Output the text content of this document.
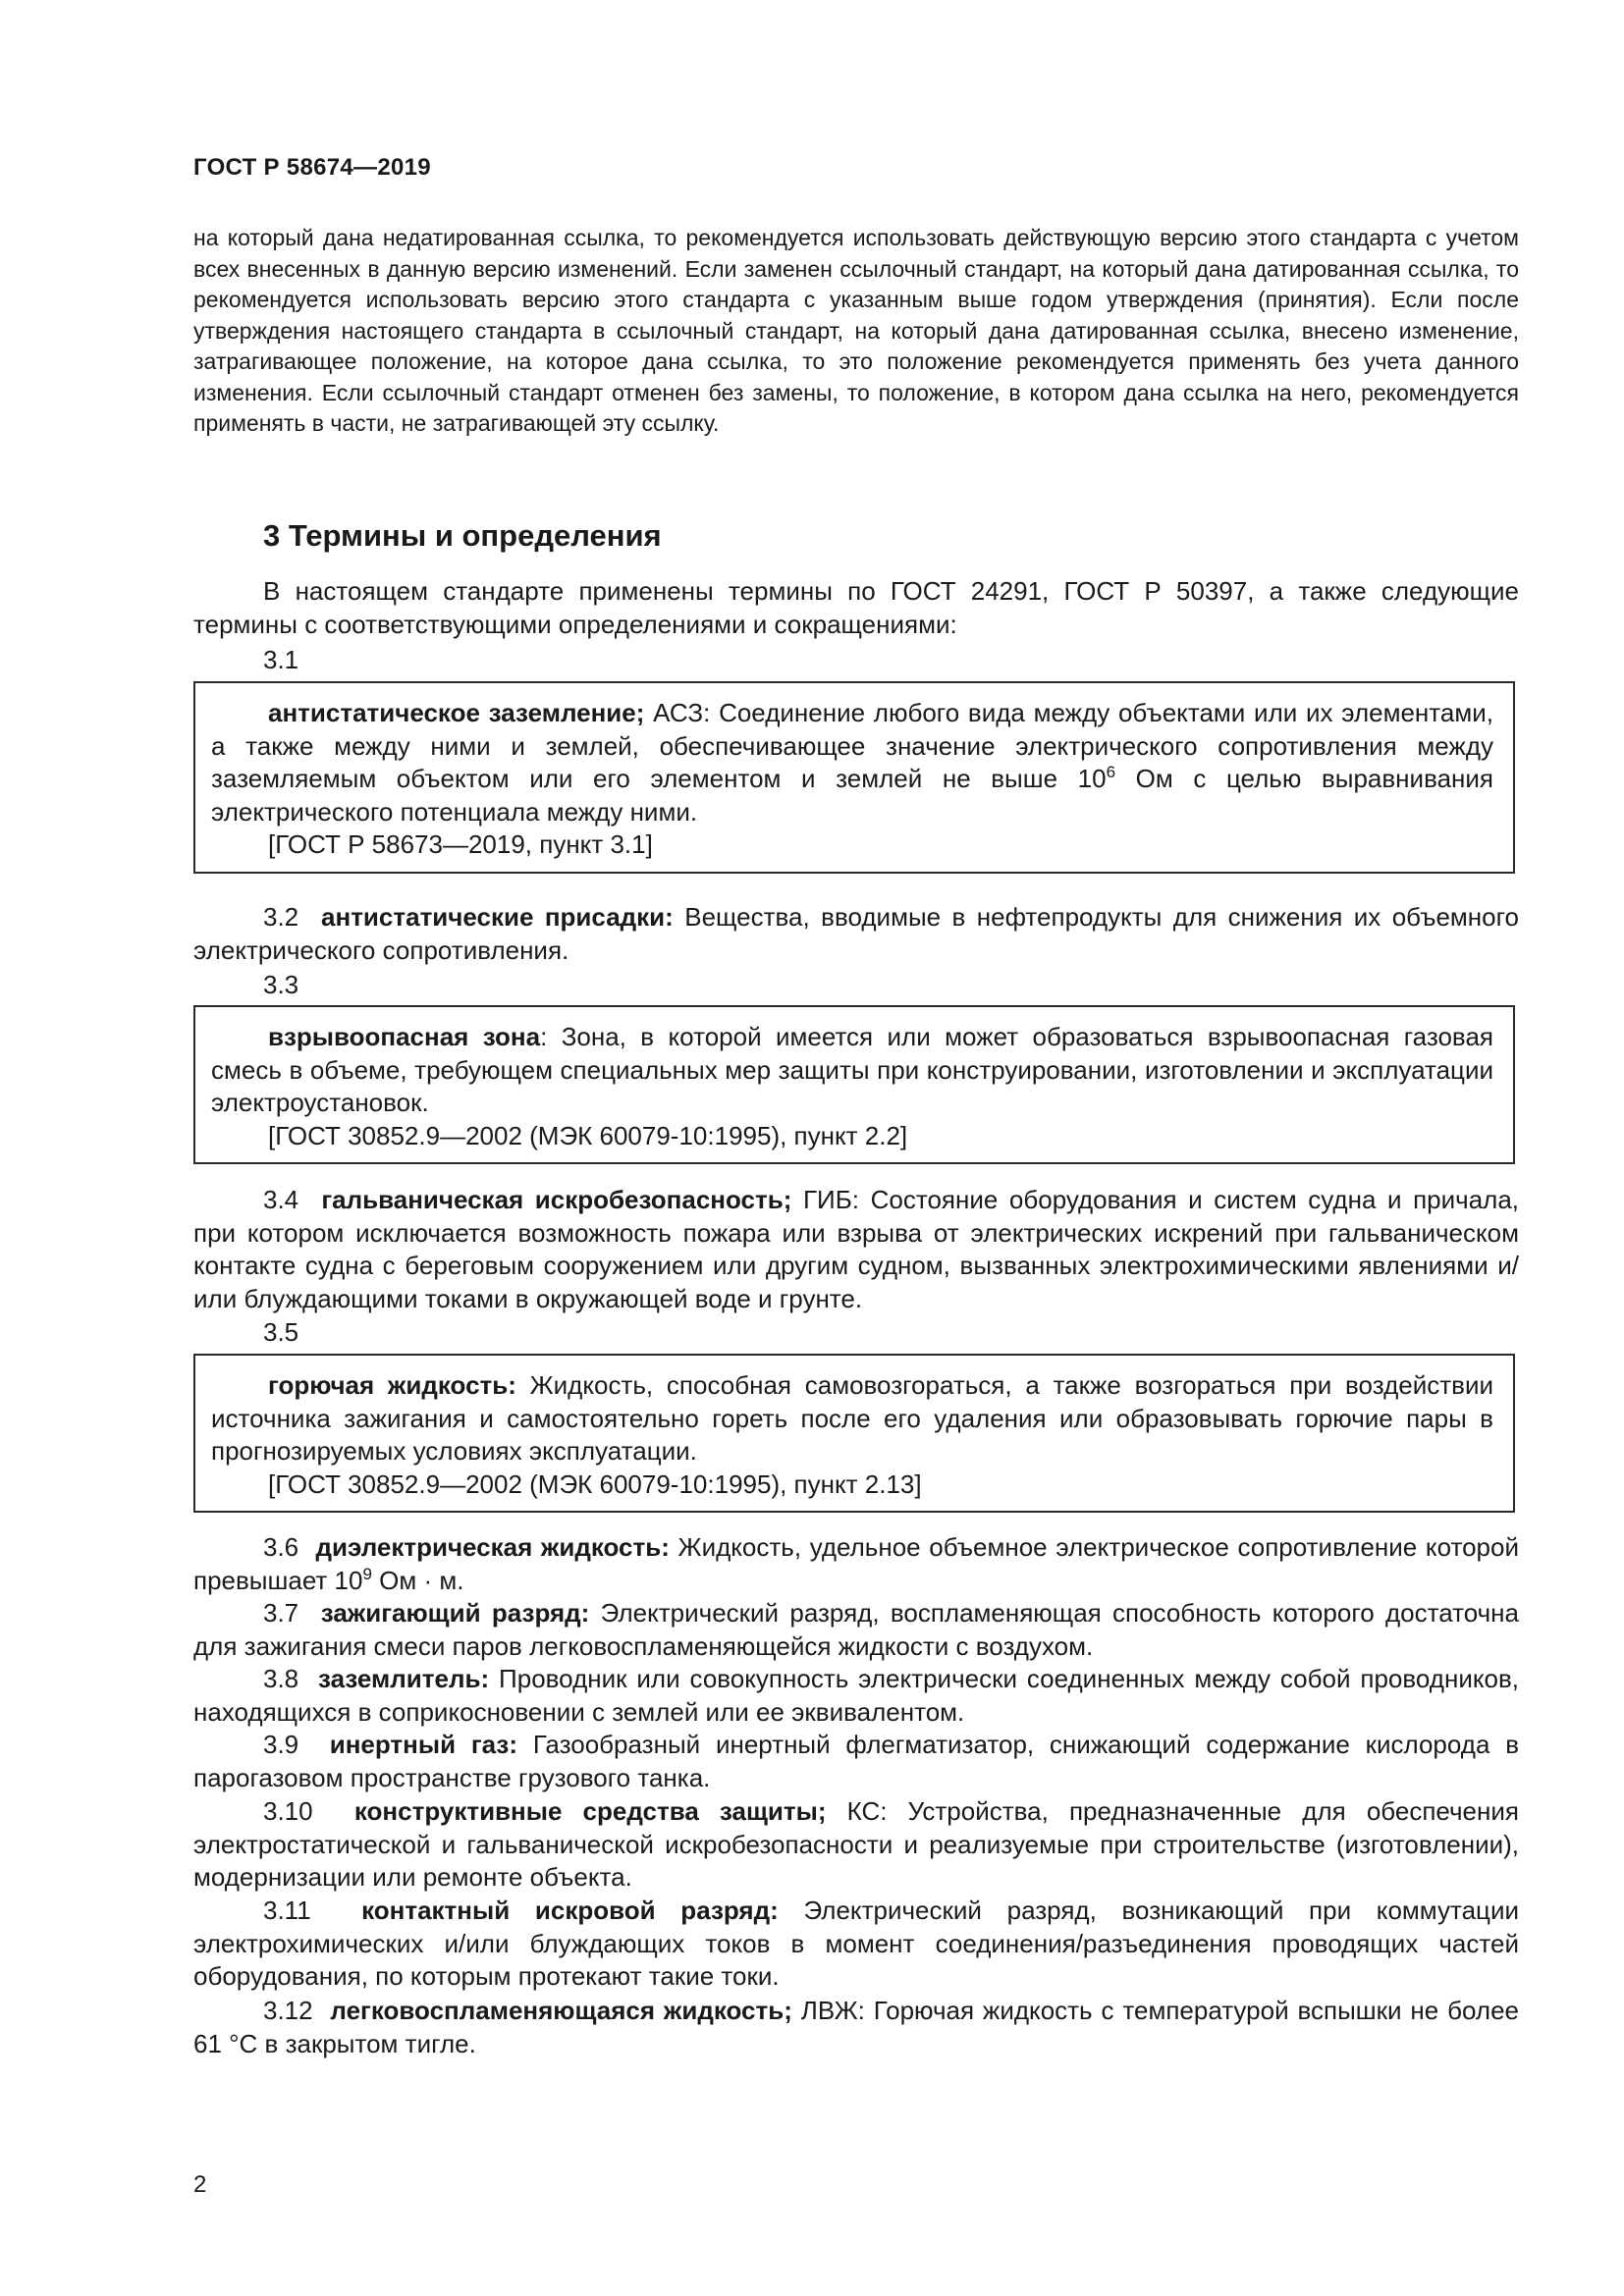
ГОСТ Р 58674—2019
на который дана недатированная ссылка, то рекомендуется использовать действующую версию этого стандарта с учетом всех внесенных в данную версию изменений. Если заменен ссылочный стандарт, на который дана датированная ссылка, то рекомендуется использовать версию этого стандарта с указанным выше годом утверждения (принятия). Если после утверждения настоящего стандарта в ссылочный стандарт, на который дана датированная ссылка, внесено изменение, затрагивающее положение, на которое дана ссылка, то это положение рекомендуется применять без учета данного изменения. Если ссылочный стандарт отменен без замены, то положение, в котором дана ссылка на него, рекомендуется применять в части, не затрагивающей эту ссылку.
3 Термины и определения
В настоящем стандарте применены термины по ГОСТ 24291, ГОСТ Р 50397, а также следующие термины с соответствующими определениями и сокращениями:
3.1
антистатическое заземление; АСЗ: Соединение любого вида между объектами или их элементами, а также между ними и землей, обеспечивающее значение электрического сопротивления между заземляемым объектом или его элементом и землей не выше $10^6$ Ом с целью выравнивания электрического потенциала между ними.
[ГОСТ Р 58673—2019, пункт 3.1]
3.2 антистатические присадки: Вещества, вводимые в нефтепродукты для снижения их объемного электрического сопротивления.
3.3
взрывоопасная зона: Зона, в которой имеется или может образоваться взрывоопасная газовая смесь в объеме, требующем специальных мер защиты при конструировании, изготовлении и эксплуатации электроустановок.
[ГОСТ 30852.9—2002 (МЭК 60079-10:1995), пункт 2.2]
3.4 гальваническая искробезопасность; ГИБ: Состояние оборудования и систем судна и причала, при котором исключается возможность пожара или взрыва от электрических искрений при гальваническом контакте судна с береговым сооружением или другим судном, вызванных электрохимическими явлениями и/или блуждающими токами в окружающей воде и грунте.
3.5
горючая жидкость: Жидкость, способная самовозгораться, а также возгораться при воздействии источника зажигания и самостоятельно гореть после его удаления или образовывать горючие пары в прогнозируемых условиях эксплуатации.
[ГОСТ 30852.9—2002 (МЭК 60079-10:1995), пункт 2.13]
3.6 диэлектрическая жидкость: Жидкость, удельное объемное электрическое сопротивление которой превышает $10^9$ Ом · м.
3.7 зажигающий разряд: Электрический разряд, воспламеняющая способность которого достаточна для зажигания смеси паров легковоспламеняющейся жидкости с воздухом.
3.8 заземлитель: Проводник или совокупность электрически соединенных между собой проводников, находящихся в соприкосновении с землей или ее эквивалентом.
3.9 инертный газ: Газообразный инертный флегматизатор, снижающий содержание кислорода в парогазовом пространстве грузового танка.
3.10 конструктивные средства защиты; КС: Устройства, предназначенные для обеспечения электростатической и гальванической искробезопасности и реализуемые при строительстве (изготовлении), модернизации или ремонте объекта.
3.11 контактный искровой разряд: Электрический разряд, возникающий при коммутации электрохимических и/или блуждающих токов в момент соединения/разъединения проводящих частей оборудования, по которым протекают такие токи.
3.12 легковоспламеняющаяся жидкость; ЛВЖ: Горючая жидкость с температурой вспышки не более 61 °С в закрытом тигле.
2
